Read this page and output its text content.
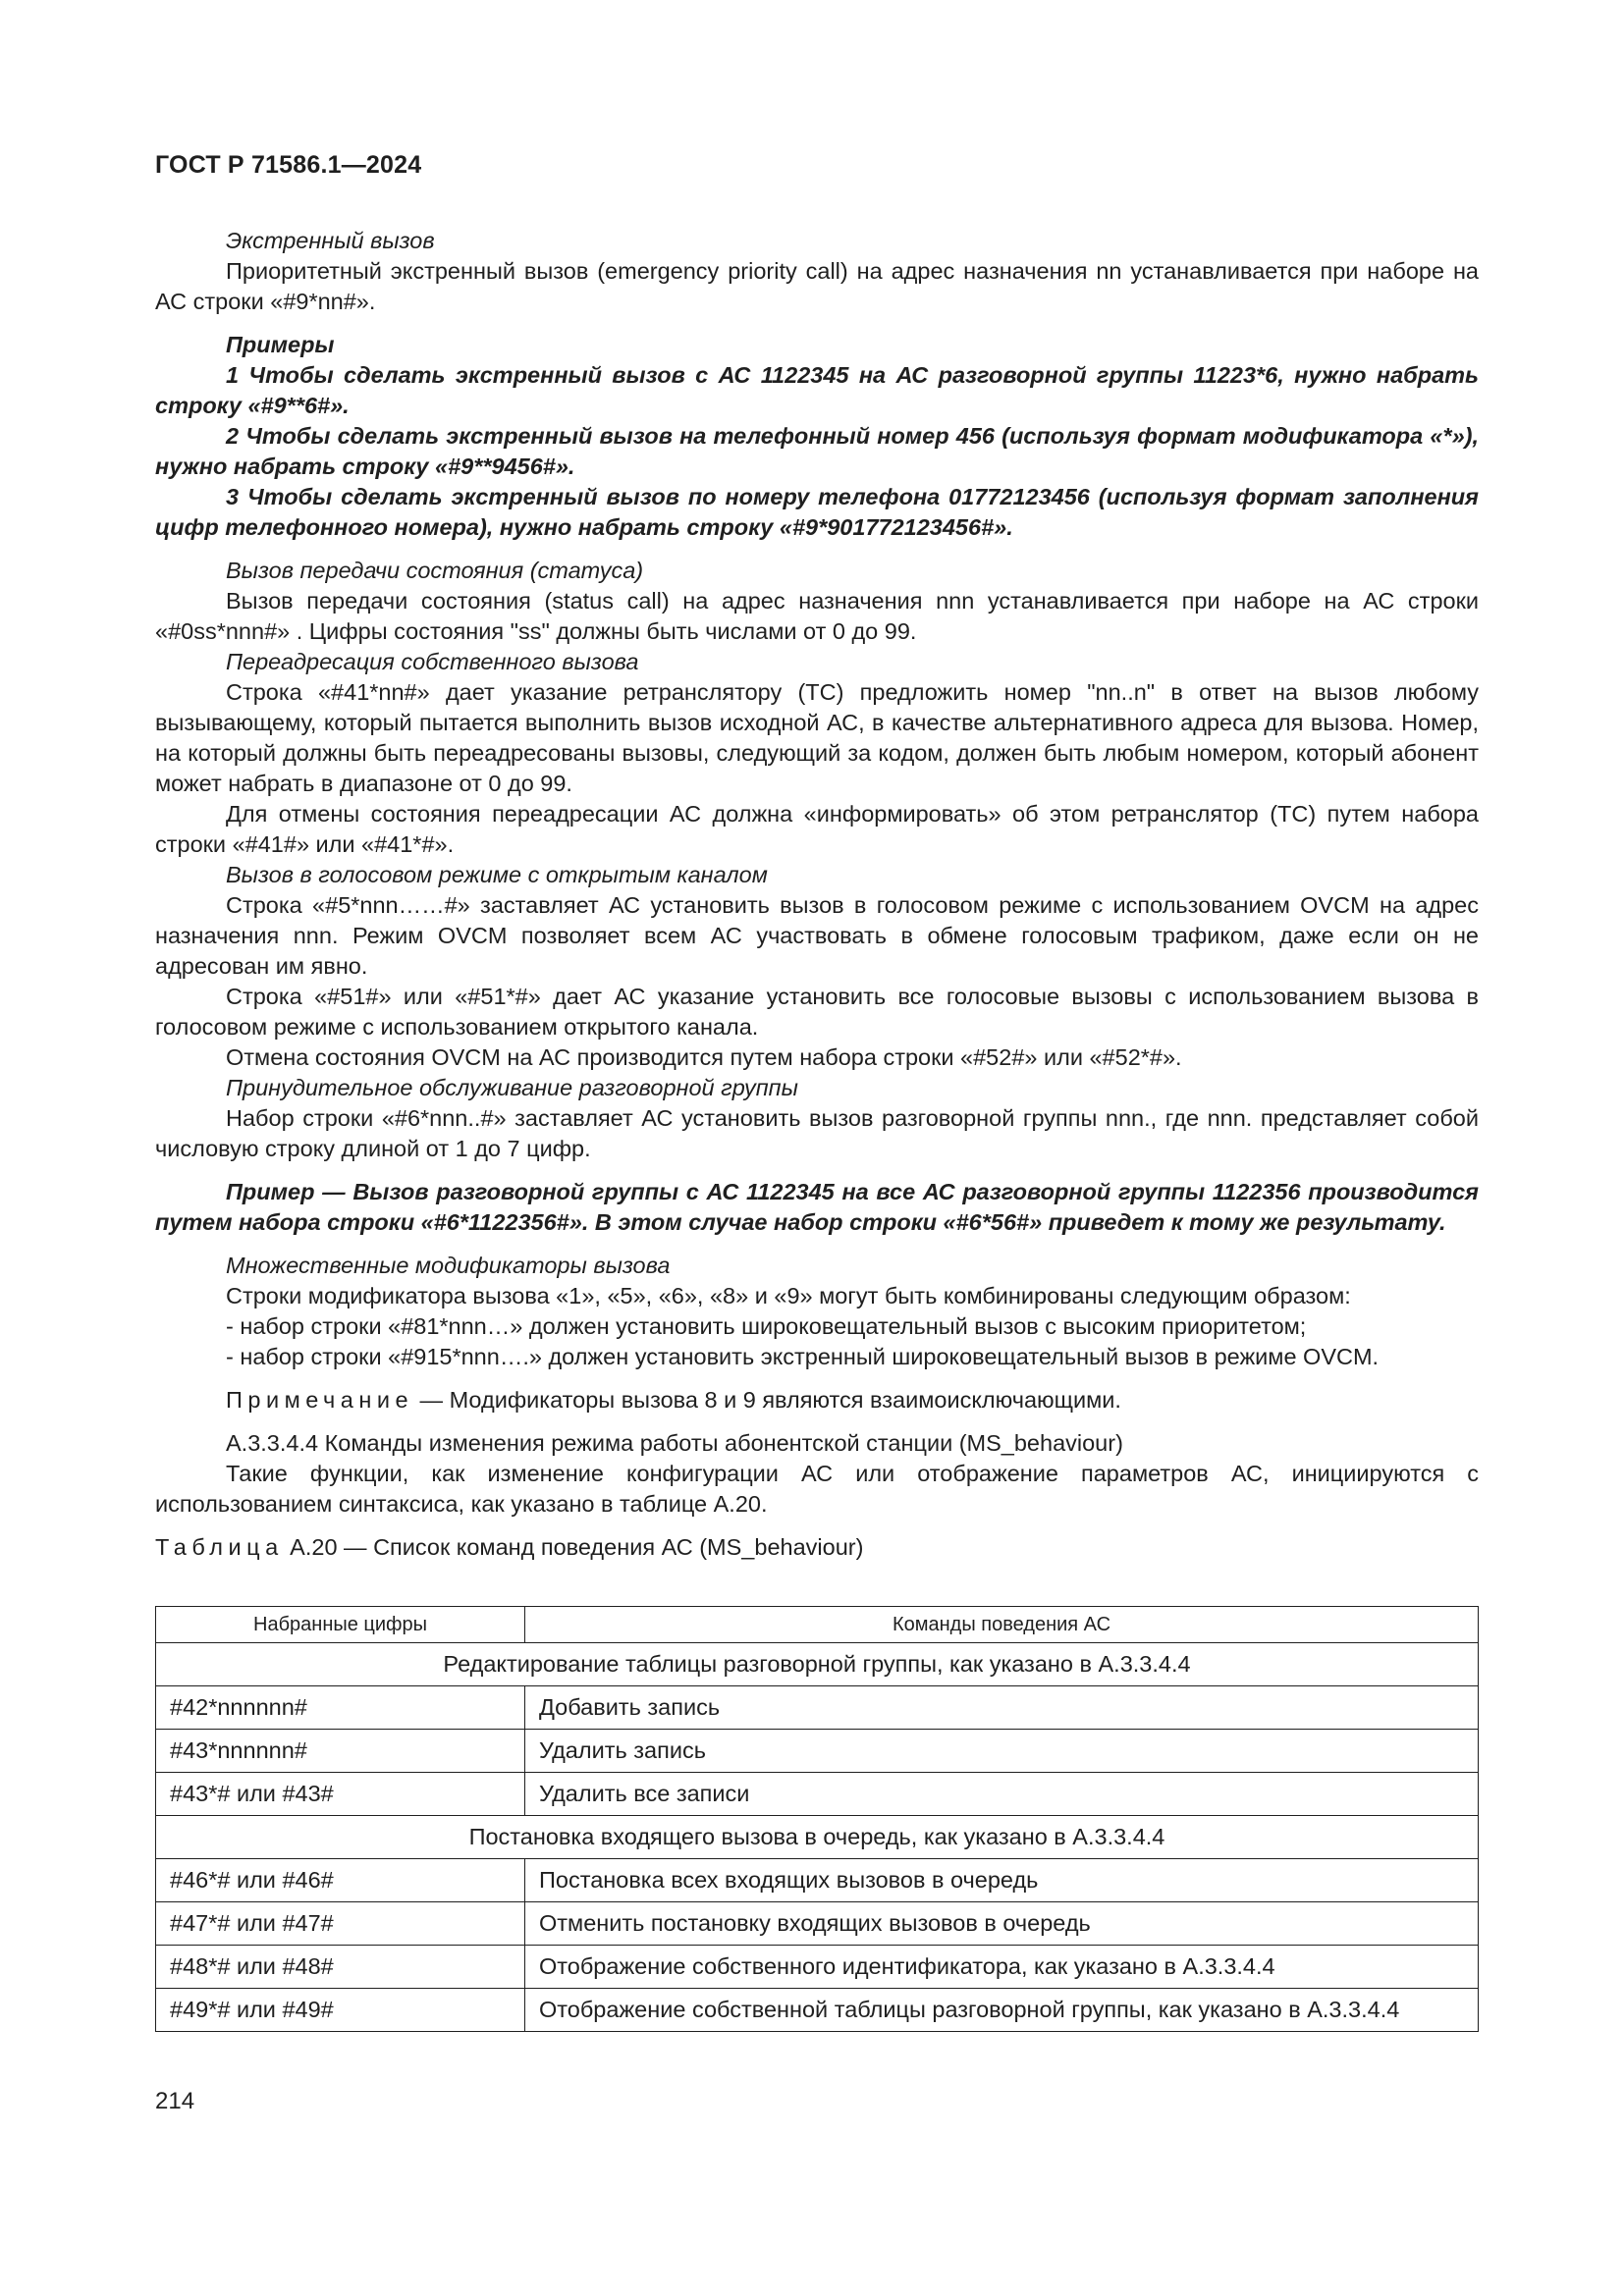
ГОСТ Р 71586.1—2024

Экстренный вызов

Приоритетный экстренный вызов (emergency priority call) на адрес назначения nn устанавливается при наборе на АС строки «#9*nn#».

Примеры

1 Чтобы сделать экстренный вызов с АС 1122345 на АС разговорной группы 11223*6, нужно набрать строку «#9**6#».

2 Чтобы сделать экстренный вызов на телефонный номер 456 (используя формат модификатора «*»), нужно набрать строку «#9**9456#».

3 Чтобы сделать экстренный вызов по номеру телефона 01772123456 (используя формат заполнения цифр телефонного номера), нужно набрать строку «#9*901772123456#».

Вызов передачи состояния (статуса)

Вызов передачи состояния (status call) на адрес назначения nnn устанавливается при наборе на АС строки «#0ss*nnn#» . Цифры состояния "ss" должны быть числами от 0 до 99.

Переадресация собственного вызова

Строка «#41*nn#» дает указание ретранслятору (ТС) предложить номер "nn..n" в ответ на вызов любому вызывающему, который пытается выполнить вызов исходной АС, в качестве альтернативного адреса для вызова. Номер, на который должны быть переадресованы вызовы, следующий за кодом, должен быть любым номером, который абонент может набрать в диапазоне от 0 до 99.

Для отмены состояния переадресации АС должна «информировать» об этом ретранслятор (ТС) путем набора строки «#41#» или «#41*#».

Вызов в голосовом режиме с открытым каналом

Строка «#5*nnn……#» заставляет АС установить вызов в голосовом режиме с использованием OVCM на адрес назначения nnn. Режим OVCM позволяет всем АС участвовать в обмене голосовым трафиком, даже если он не адресован им явно.

Строка «#51#» или «#51*#» дает АС указание установить все голосовые вызовы с использованием вызова в голосовом режиме с использованием открытого канала.

Отмена состояния OVCM на АС производится путем набора строки «#52#» или «#52*#».

Принудительное обслуживание разговорной группы

Набор строки «#6*nnn..#» заставляет АС установить вызов разговорной группы nnn., где nnn. представляет собой числовую строку длиной от 1 до 7 цифр.

Пример — Вызов разговорной группы с АС 1122345 на все АС разговорной группы 1122356 производится путем набора строки «#6*1122356#». В этом случае набор строки «#6*56#» приведет к тому же результату.

Множественные модификаторы вызова

Строки модификатора вызова «1», «5», «6», «8» и «9» могут быть комбинированы следующим образом:

- набор строки «#81*nnn…» должен установить широковещательный вызов с высоким приоритетом;

- набор строки «#915*nnn….» должен установить экстренный широковещательный вызов в режиме OVCM.

Примечание — Модификаторы вызова 8 и 9 являются взаимоисключающими.

А.3.3.4.4 Команды изменения режима работы абонентской станции (MS_behaviour)

Такие функции, как изменение конфигурации АС или отображение параметров АС, инициируются с использованием синтаксиса, как указано в таблице А.20.

Таблица А.20 — Список команд поведения АС (MS_behaviour)

Набранные цифры	Команды поведения АС
Редактирование таблицы разговорной группы, как указано в А.3.3.4.4	
#42*nnnnnn#	Добавить запись
#43*nnnnnn#	Удалить запись
#43*# или #43#	Удалить все записи
Постановка входящего вызова в очередь, как указано в А.3.3.4.4	
#46*# или #46#	Постановка всех входящих вызовов в очередь
#47*# или #47#	Отменить постановку входящих вызовов в очередь
#48*# или #48#	Отображение собственного идентификатора, как указано в А.3.3.4.4
#49*# или #49#	Отображение собственной таблицы разговорной группы, как указано в А.3.3.4.4

214
